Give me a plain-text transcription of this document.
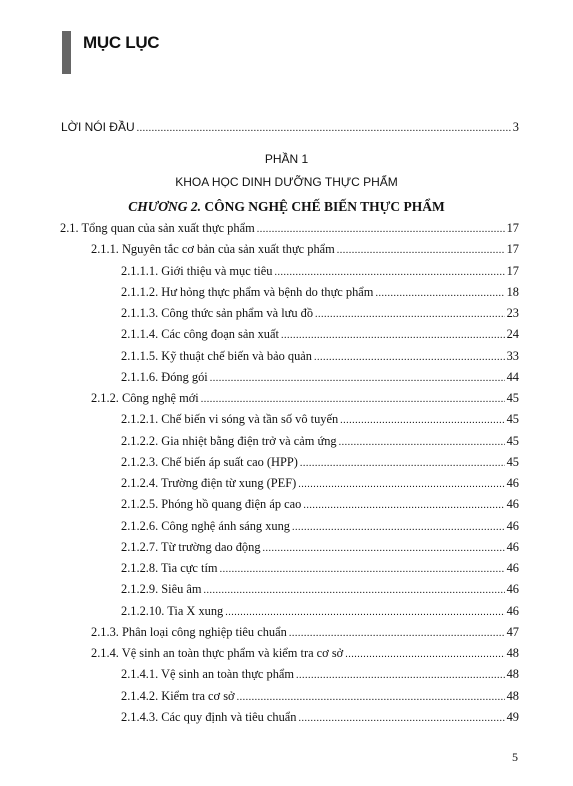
MỤC LỤC
LỜI NÓI ĐẦU .....	3
PHẦN 1
KHOA HỌC DINH DƯỠNG THỰC PHẨM
CHƯƠNG 2. CÔNG NGHỆ CHẾ BIẾN THỰC PHẨM
2.1. Tổng quan của sản xuất thực phẩm .....	17
2.1.1. Nguyên tắc cơ bản của sản xuất thực phẩm .....	17
2.1.1.1. Giới thiệu và mục tiêu .....	17
2.1.1.2. Hư hỏng thực phẩm và bệnh do thực phẩm .....	18
2.1.1.3. Công thức sản phẩm và lưu đồ .....	23
2.1.1.4. Các công đoạn sản xuất .....	24
2.1.1.5. Kỹ thuật chế biến và bảo quản .....	33
2.1.1.6. Đóng gói .....	44
2.1.2. Công nghệ mới .....	45
2.1.2.1. Chế biến vi sóng và tần số vô tuyến .....	45
2.1.2.2. Gia nhiệt bằng điện trở và cảm ứng .....	45
2.1.2.3. Chế biến áp suất cao (HPP) .....	45
2.1.2.4. Trường điện từ xung (PEF) .....	46
2.1.2.5. Phóng hồ quang điện áp cao .....	46
2.1.2.6. Công nghệ ánh sáng xung .....	46
2.1.2.7. Từ trường dao động .....	46
2.1.2.8. Tia cực tím .....	46
2.1.2.9. Siêu âm .....	46
2.1.2.10. Tia X xung .....	46
2.1.3. Phân loại công nghiệp tiêu chuẩn .....	47
2.1.4. Vệ sinh an toàn thực phẩm và kiểm tra cơ sở .....	48
2.1.4.1. Vệ sinh an toàn thực phẩm .....	48
2.1.4.2. Kiểm tra cơ sở .....	48
2.1.4.3. Các quy định và tiêu chuẩn .....	49
5
